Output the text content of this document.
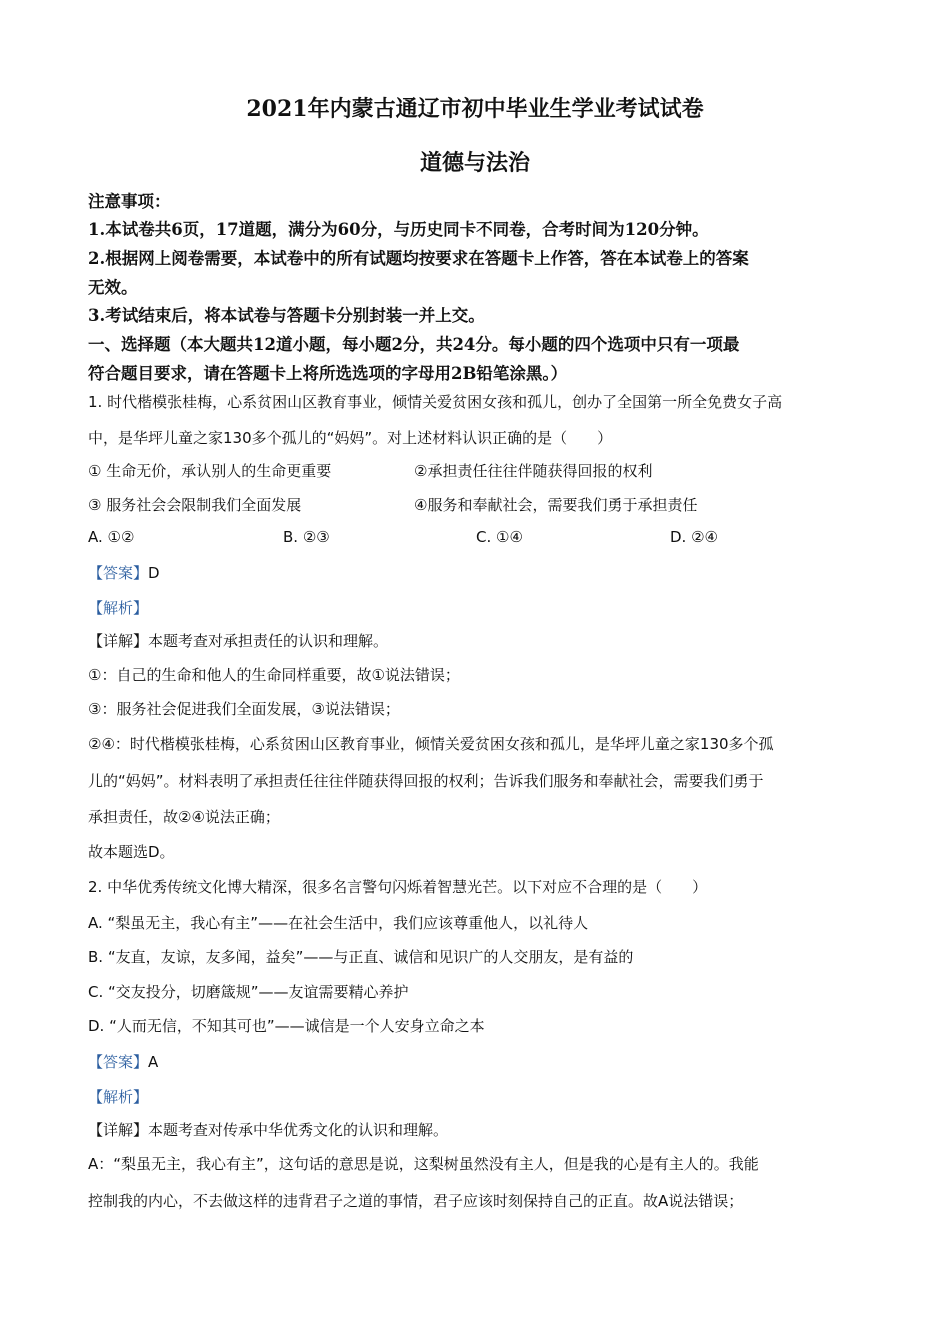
2021年内蒙古通辽市初中毕业生学业考试试卷
道德与法治
注意事项：
1.本试卷共6页，17道题，满分为60分，与历史同卡不同卷，合考时间为120分钟。
2.根据网上阅卷需要，本试卷中的所有试题均按要求在答题卡上作答，答在本试卷上的答案
无效。
3.考试结束后，将本试卷与答题卡分别封装一并上交。
一、选择题（本大题共12道小题，每小题2分，共24分。每小题的四个选项中只有一项最
符合题目要求，请在答题卡上将所选选项的字母用2B铅笔涂黑。）
1. 时代楷模张桂梅，心系贫困山区教育事业，倾情关爱贫困女孩和孤儿，创办了全国第一所全免费女子高
中，是华坪儿童之家130多个孤儿的“妈妈”。对上述材料认识正确的是（　　）
① 生命无价，承认别人的生命更重要	②承担责任往往伴随获得回报的权利
③ 服务社会会限制我们全面发展	④服务和奉献社会，需要我们勇于承担责任
A. ①②	B. ②③	C. ①④	D. ②④
【答案】D
【解析】
【详解】本题考查对承担责任的认识和理解。
①：自己的生命和他人的生命同样重要，故①说法错误；
③：服务社会促进我们全面发展，③说法错误；
②④：时代楷模张桂梅，心系贫困山区教育事业，倾情关爱贫困女孩和孤儿，是华坪儿童之家130多个孤
儿的“妈妈”。材料表明了承担责任往往伴随获得回报的权利；告诉我们服务和奉献社会，需要我们勇于
承担责任，故②④说法正确；
故本题选D。
2. 中华优秀传统文化博大精深，很多名言警句闪烁着智慧光芒。以下对应不合理的是（　　）
A. “梨虽无主，我心有主”——在社会生活中，我们应该尊重他人，以礼待人
B. “友直，友谅，友多闻，益矣”——与正直、诚信和见识广的人交朋友，是有益的
C. “交友投分，切磨箴规”——友谊需要精心养护
D. “人而无信，不知其可也”——诚信是一个人安身立命之本
【答案】A
【解析】
【详解】本题考查对传承中华优秀文化的认识和理解。
A：“梨虽无主，我心有主”，这句话的意思是说，这梨树虽然没有主人，但是我的心是有主人的。我能
控制我的内心，不去做这样的违背君子之道的事情，君子应该时刻保持自己的正直。故A说法错误；
